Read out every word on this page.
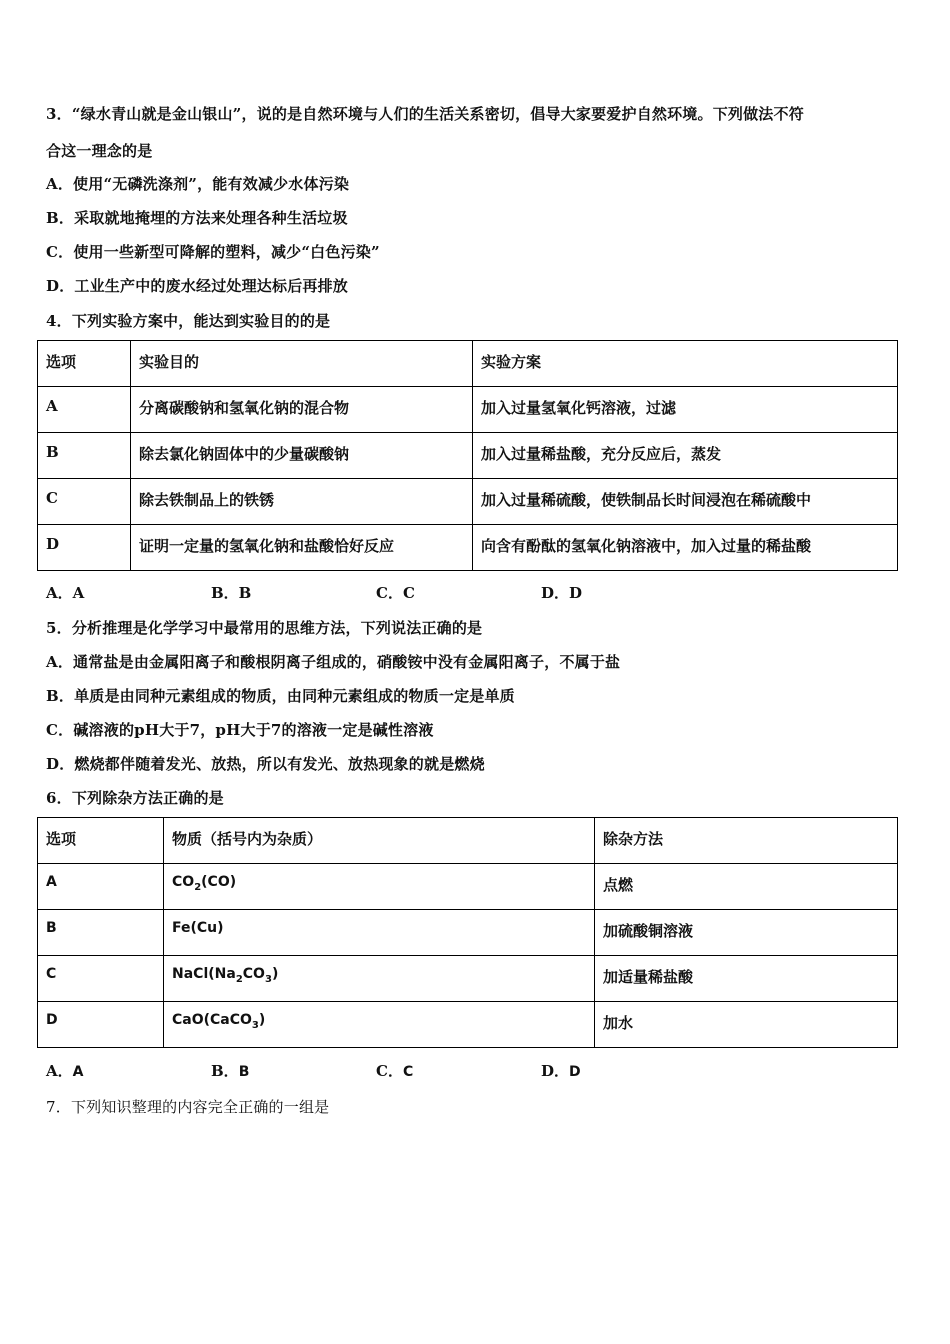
3．“绿水青山就是金山银山”，说的是自然环境与人们的生活关系密切，倡导大家要爱护自然环境。下列做法不符
合这一理念的是
A．使用“无磷洗涤剂”，能有效减少水体污染
B．采取就地掩埋的方法来处理各种生活垃圾
C．使用一些新型可降解的塑料，减少“白色污染”
D．工业生产中的废水经过处理达标后再排放
4．下列实验方案中，能达到实验目的的是
选项	实验目的	实验方案
A	分离碳酸钠和氢氧化钠的混合物	加入过量氢氧化钙溶液，过滤
B	除去氯化钠固体中的少量碳酸钠	加入过量稀盐酸，充分反应后，蒸发
C	除去铁制品上的铁锈	加入过量稀硫酸，使铁制品长时间浸泡在稀硫酸中
D	证明一定量的氢氧化钠和盐酸恰好反应	向含有酚酞的氢氧化钠溶液中，加入过量的稀盐酸
A．A	B．B	C．C	D．D
5．分析推理是化学学习中最常用的思维方法，下列说法正确的是
A．通常盐是由金属阳离子和酸根阴离子组成的，硝酸铵中没有金属阳离子，不属于盐
B．单质是由同种元素组成的物质，由同种元素组成的物质一定是单质
C．碱溶液的pH大于7，pH大于7的溶液一定是碱性溶液
D．燃烧都伴随着发光、放热，所以有发光、放热现象的就是燃烧
6．下列除杂方法正确的是
选项	物质（括号内为杂质）	除杂方法
A	$CO_2(CO)$	点燃
B	Fe(Cu)	加硫酸铜溶液
C	$NaCl(Na_2CO_3)$	加适量稀盐酸
D	CaO(CaCO$_3$)	加水
A．A	B．B	C．C	D．D
7．下列知识整理的内容完全正确的一组是
